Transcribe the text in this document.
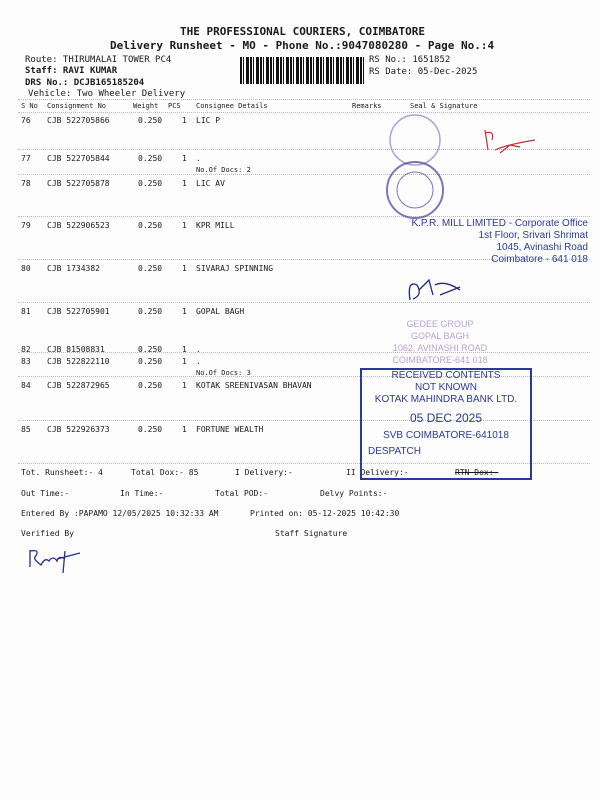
THE PROFESSIONAL COURIERS, COIMBATORE
Delivery Runsheet - MO - Phone No.:9047080280 - Page No.:4
Route: THIRUMALAI TOWER PC4
Staff: RAVI KUMAR
DRS No.: DCJB165185204
Vehicle: Two Wheeler Delivery
RS No.: 1651852
RS Date: 05-Dec-2025
S No Consignment No	Weight PCS Consignee Details	Remarks	Seal & Signature
76 CJB 522705866	0.250 1 LIC P
77 CJB 522705844	0.250 1 .
No.Of Docs: 2
78 CJB 522705878	0.250 1 LIC AV
79 CJB 522906523	0.250 1 KPR MILL
80 CJB 1734382	0.250 1 SIVARAJ SPINNING
81 CJB 522705901	0.250 1 GOPAL BAGH
82 CJB 81508831	0.250 1 .
83 CJB 522822110	0.250 1 .
No.Of Docs: 3
84 CJB 522872965	0.250 1 KOTAK SREENIVASAN BHAVAN
85 CJB 522926373	0.250 1 FORTUNE WEALTH
Tot. Runsheet:- 4	Total Dox:- 85	I Delivery:-	II Delivery:-	RTN Dox:-
Out Time:-	In Time:-	Total POD:-	Delvy Points:-
Entered By :PAPAMO 12/05/2025 10:32:33 AM	Printed on: 05-12-2025 10:42:30
Verified By	Staff Signature
K.P.R. MILL LIMITED - Corporate Office
1st Floor, Srivari Shrimat
1045, Avinashi Road
Coimbatore - 641 018
GEDEE GROUP
GOPAL BAGH
1062, AVINASHI ROAD
COIMBATORE-641 018
RECEIVED CONTENTS
NOT KNOWN
KOTAK MAHINDRA BANK LTD.
05 DEC 2025
SVB COIMBATORE-641018
DESPATCH
